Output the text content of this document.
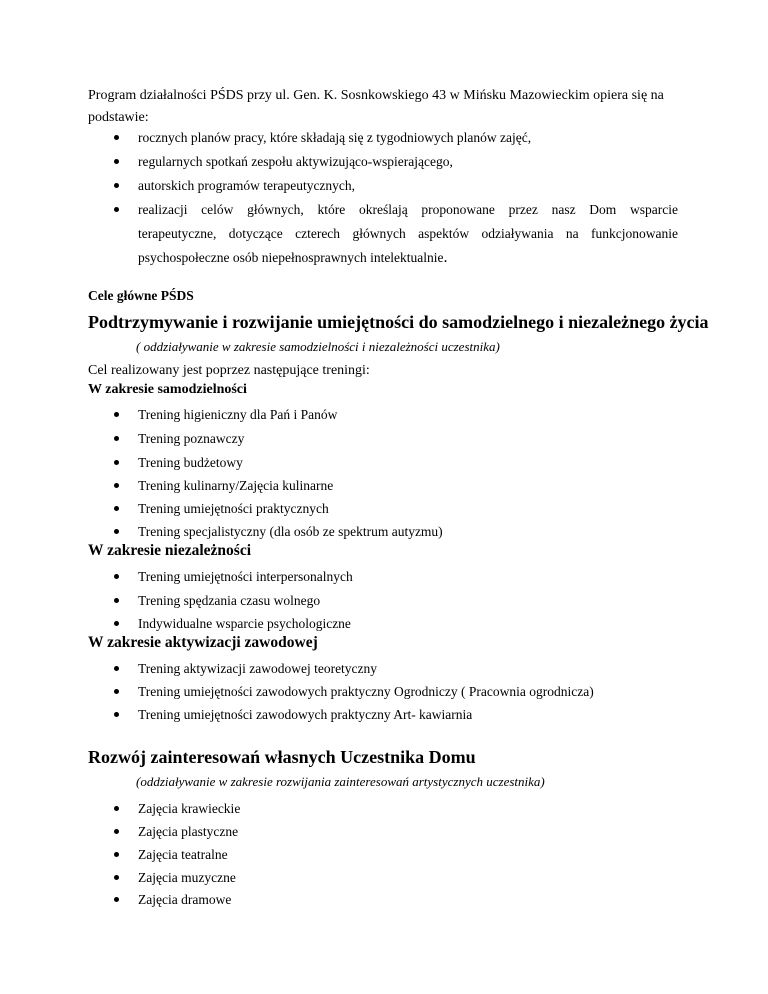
Program działalności PŚDS przy ul. Gen. K. Sosnkowskiego 43 w Mińsku Mazowieckim opiera się na
podstawie:
rocznych planów pracy, które składają się z tygodniowych planów zajęć,
regularnych spotkań zespołu aktywizująco-wspierającego,
autorskich programów terapeutycznych,
realizacji celów głównych, które określają proponowane przez nasz Dom wsparcie
terapeutyczne, dotyczące czterech głównych aspektów odziaływania na funkcjonowanie
psychospołeczne osób niepełnosprawnych intelektualnie.
Cele główne PŚDS
Podtrzymywanie i rozwijanie umiejętności do samodzielnego i niezależnego życia
( oddziaływanie w zakresie samodzielności i niezależności uczestnika)
Cel realizowany jest poprzez następujące treningi:
W zakresie samodzielności
Trening higieniczny dla Pań i Panów
Trening poznawczy
Trening budżetowy
Trening kulinarny/Zajęcia kulinarne
Trening umiejętności praktycznych
Trening specjalistyczny (dla osób ze spektrum autyzmu)
W zakresie niezależności
Trening umiejętności interpersonalnych
Trening spędzania czasu wolnego
Indywidualne wsparcie psychologiczne
W zakresie aktywizacji zawodowej
Trening aktywizacji zawodowej teoretyczny
Trening umiejętności zawodowych praktyczny Ogrodniczy ( Pracownia ogrodnicza)
Trening umiejętności zawodowych praktyczny Art- kawiarnia
Rozwój zainteresowań własnych Uczestnika Domu
(oddziaływanie w zakresie rozwijania zainteresowań artystycznych uczestnika)
Zajęcia krawieckie
Zajęcia plastyczne
Zajęcia teatralne
Zajęcia muzyczne
Zajęcia dramowe
